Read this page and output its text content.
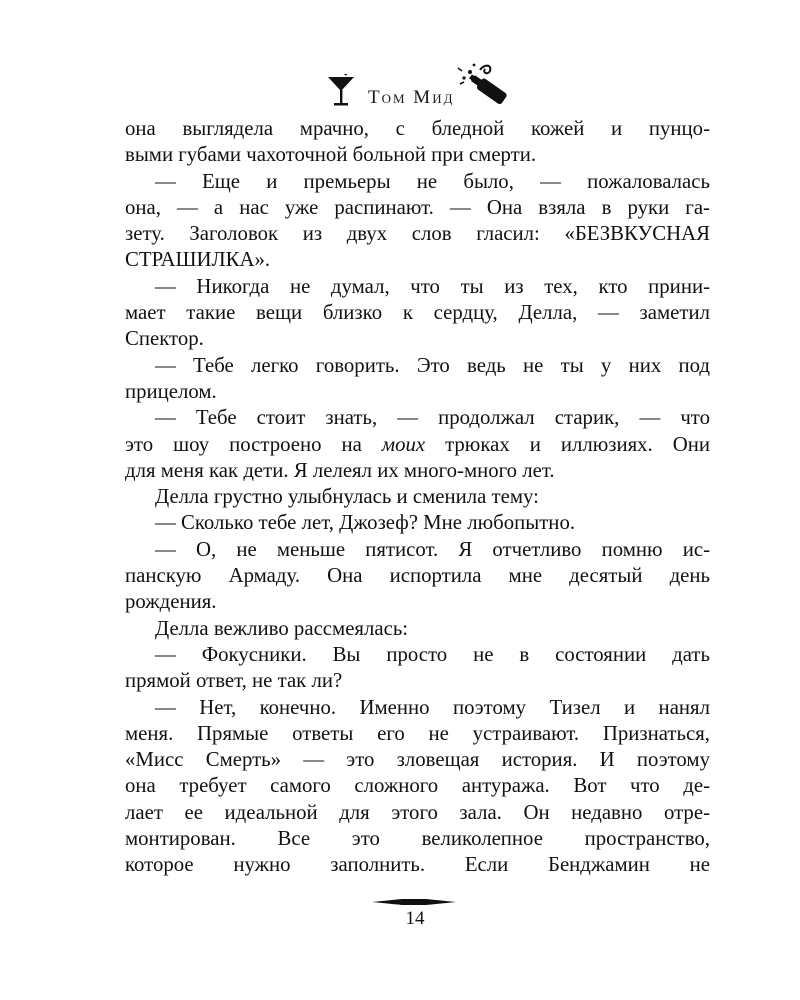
Том Мид
она выглядела мрачно, с бледной кожей и пунцо-
выми губами чахоточной больной при смерти.
— Еще и премьеры не было, — пожаловалась
она, — а нас уже распинают. — Она взяла в руки га-
зету. Заголовок из двух слов гласил: «БЕЗВКУСНАЯ
СТРАШИЛКА».
— Никогда не думал, что ты из тех, кто прини-
мает такие вещи близко к сердцу, Делла, — заметил
Спектор.
— Тебе легко говорить. Это ведь не ты у них под
прицелом.
— Тебе стоит знать, — продолжал старик, — что
это шоу построено на моих трюках и иллюзиях. Они
для меня как дети. Я лелеял их много-много лет.
Делла грустно улыбнулась и сменила тему:
— Сколько тебе лет, Джозеф? Мне любопытно.
— О, не меньше пятисот. Я отчетливо помню ис-
панскую Армаду. Она испортила мне десятый день
рождения.
Делла вежливо рассмеялась:
— Фокусники. Вы просто не в состоянии дать
прямой ответ, не так ли?
— Нет, конечно. Именно поэтому Тизел и нанял
меня. Прямые ответы его не устраивают. Признаться,
«Мисс Смерть» — это зловещая история. И поэтому
она требует самого сложного антуража. Вот что де-
лает ее идеальной для этого зала. Он недавно отре-
монтирован. Все это великолепное пространство,
которое нужно заполнить. Если Бенджамин не
14
